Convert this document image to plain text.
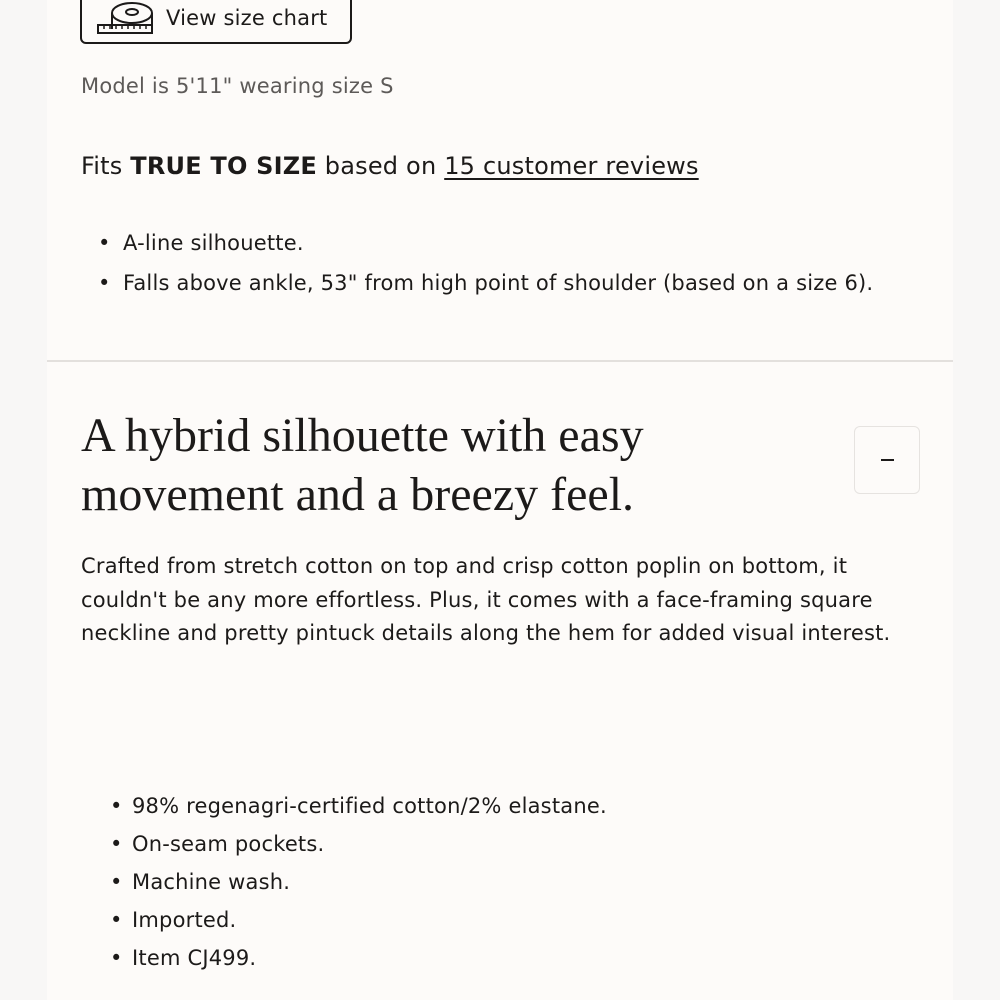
View size chart
Model is 5'11" wearing size S
Fits TRUE TO SIZE based on 15 customer reviews
• A-line silhouette.
• Falls above ankle, 53" from high point of shoulder (based on a size 6).
A hybrid silhouette with easy movement and a breezy feel.

Crafted from stretch cotton on top and crisp cotton poplin on bottom, it couldn't be any more effortless. Plus, it comes with a face-framing square neckline and pretty pintuck details along the hem for added visual interest.

• 98% regenagri-certified cotton/2% elastane.
• On-seam pockets.
• Machine wash.
• Imported.
• Item CJ499.
